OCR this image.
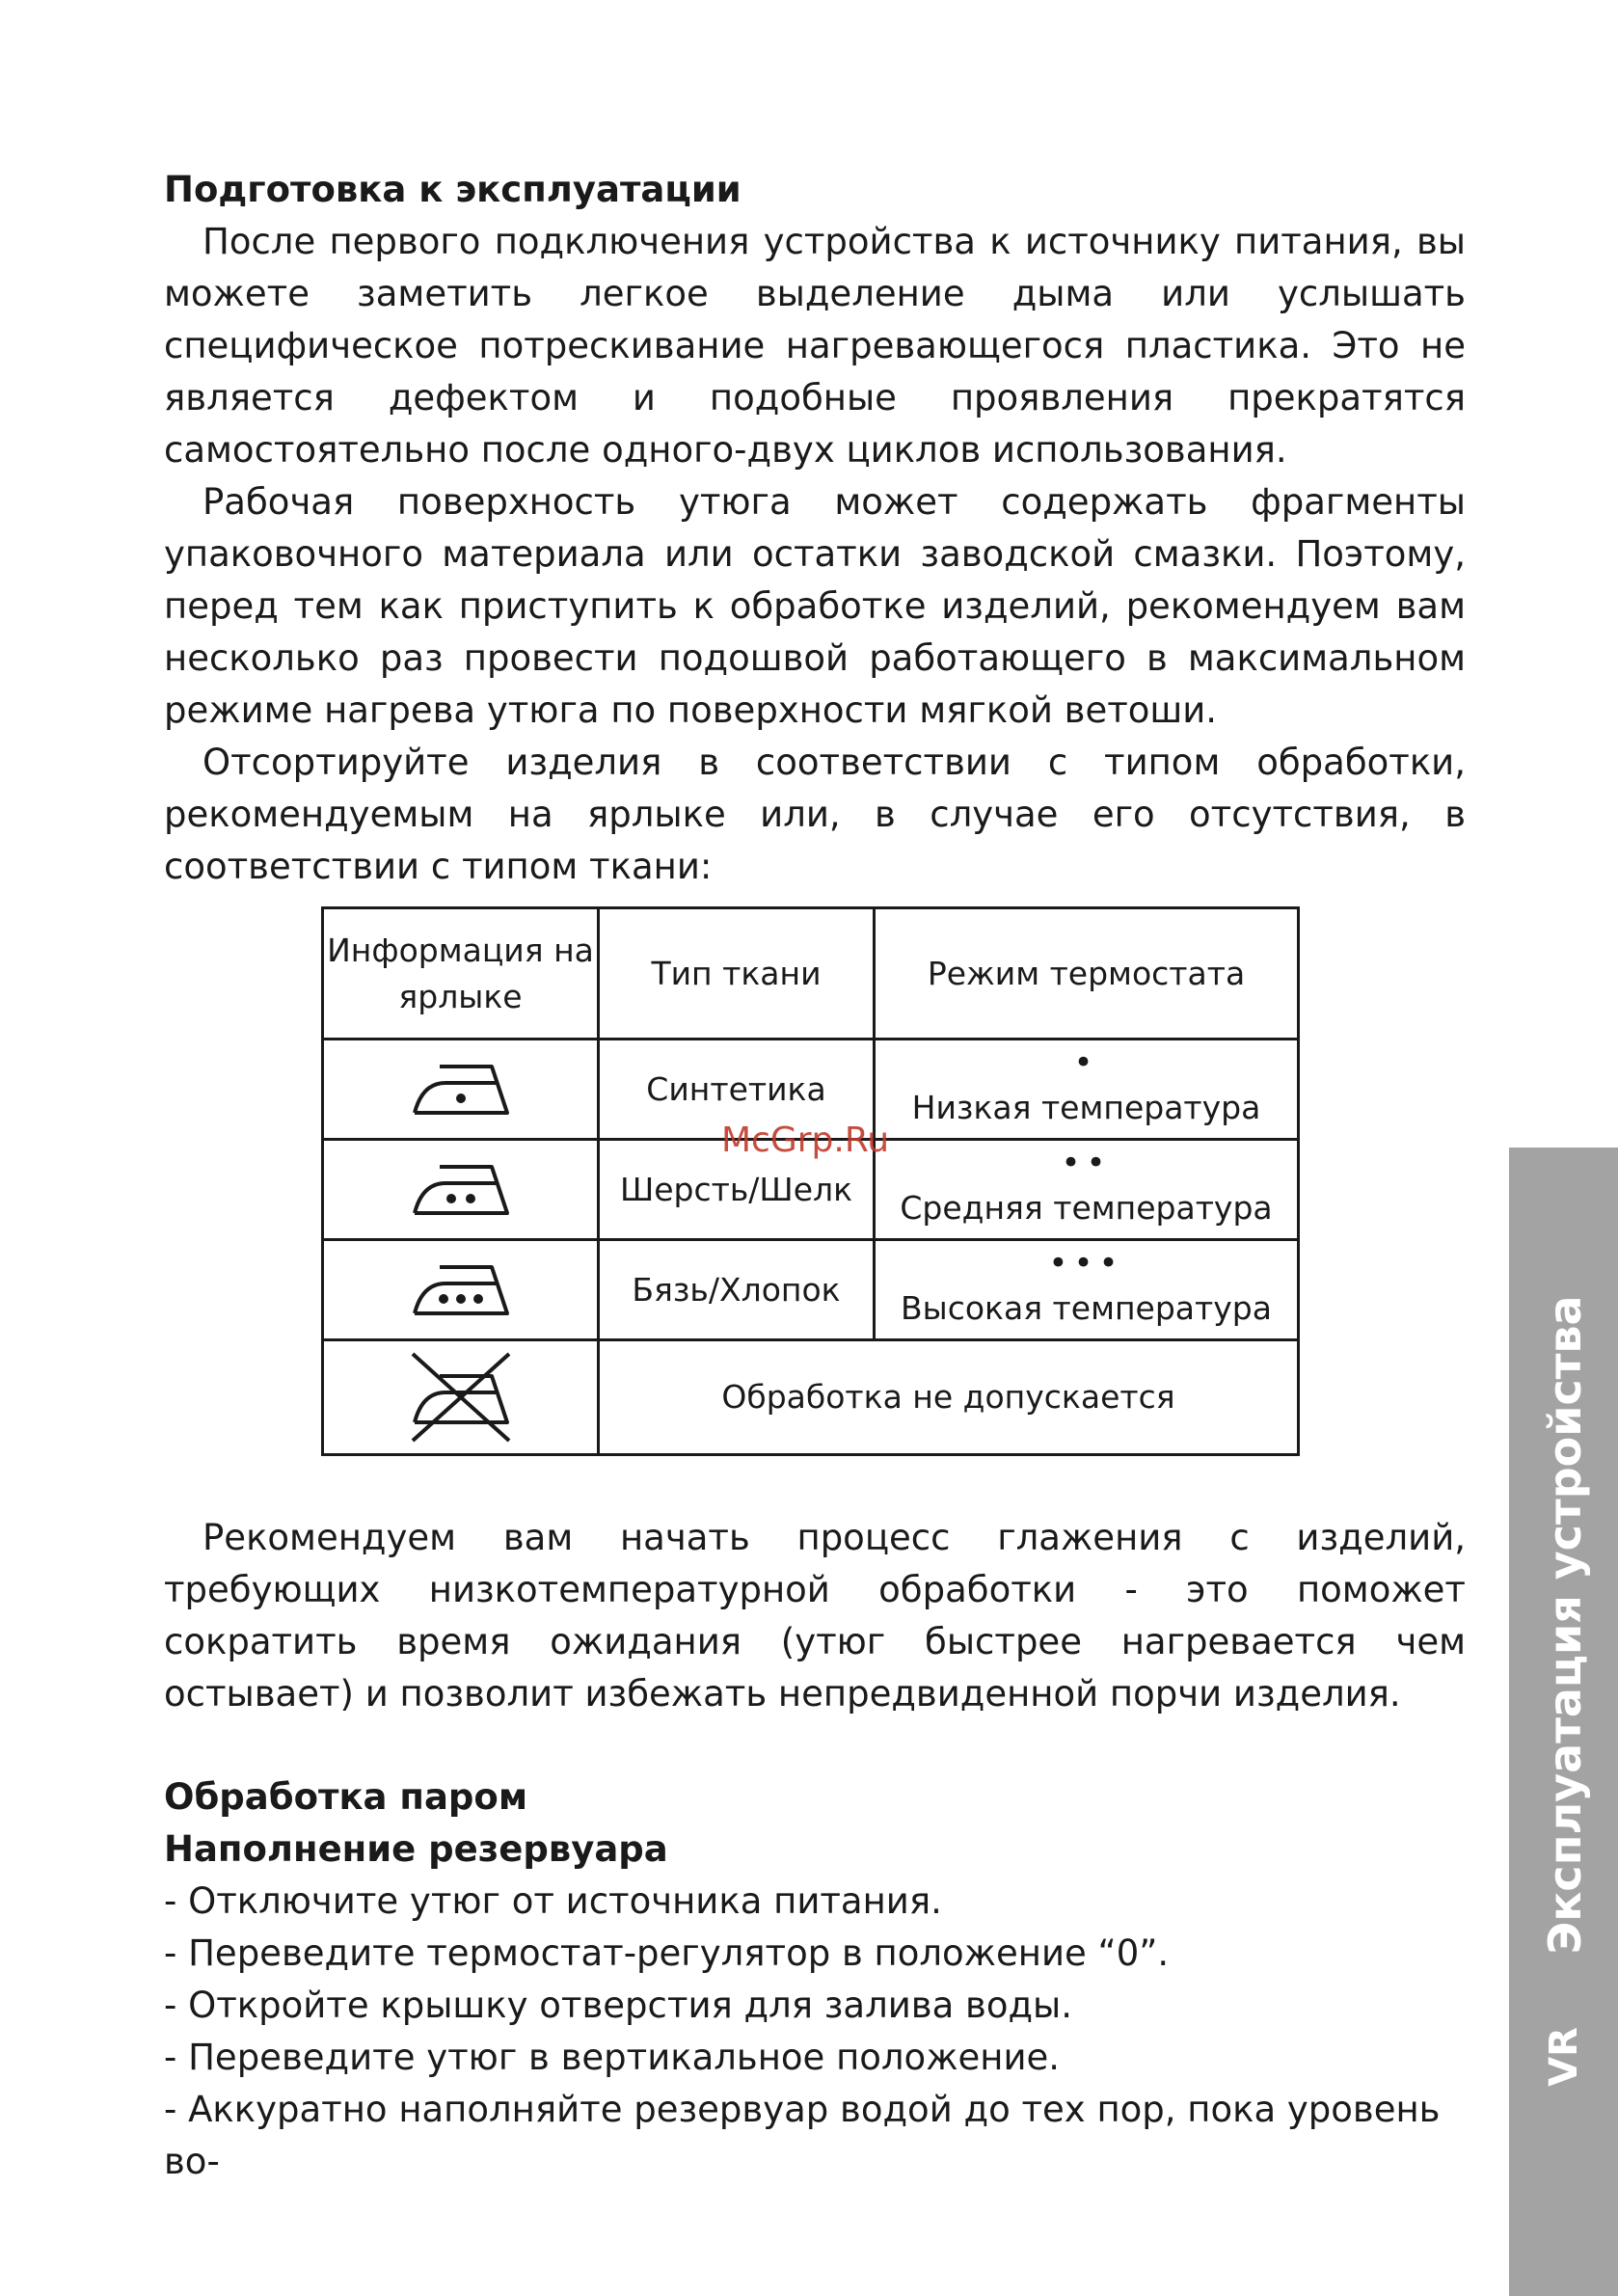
Подготовка к эксплуатации

После первого подключения устройства к источнику питания, вы можете заметить легкое выделение дыма или услышать специфическое потрескивание нагревающегося пластика. Это не является дефектом и подобные проявления прекратятся самостоятельно после одного-двух циклов использования.

Рабочая поверхность утюга может содержать фрагменты упаковочного материала или остатки заводской смазки. Поэтому, перед тем как приступить к обработке изделий, рекомендуем вам несколько раз провести подошвой работающего в максимальном режиме нагрева утюга по поверхности мягкой ветоши.

Отсортируйте изделия в соответствии с типом обработки, рекомендуемым на ярлыке или, в случае его отсутствия, в соответствии с типом ткани:

Информация на ярлыке	Тип ткани	Режим термостата

	Синтетика	•
Низкая температура

	Шерсть/Шелк	••
Средняя температура

	Бязь/Хлопок	•••
Высокая температура

	Обработка не допускается	
McGrp.Ru

Рекомендуем вам начать процесс глажения с изделий, требующих низкотемпературной обработки - это поможет сократить время ожидания (утюг быстрее нагревается чем остывает) и позволит избежать непредвиденной порчи изделия.

Обработка паром

Наполнение резервуара

- Отключите утюг от источника питания.

- Переведите термостат-регулятор в положение “0”.

- Откройте крышку отверстия для залива воды.

- Переведите утюг в вертикальное положение.

- Аккуратно наполняйте резервуар водой до тех пор, пока уровень во-

Эксплуатация устройства
VR
